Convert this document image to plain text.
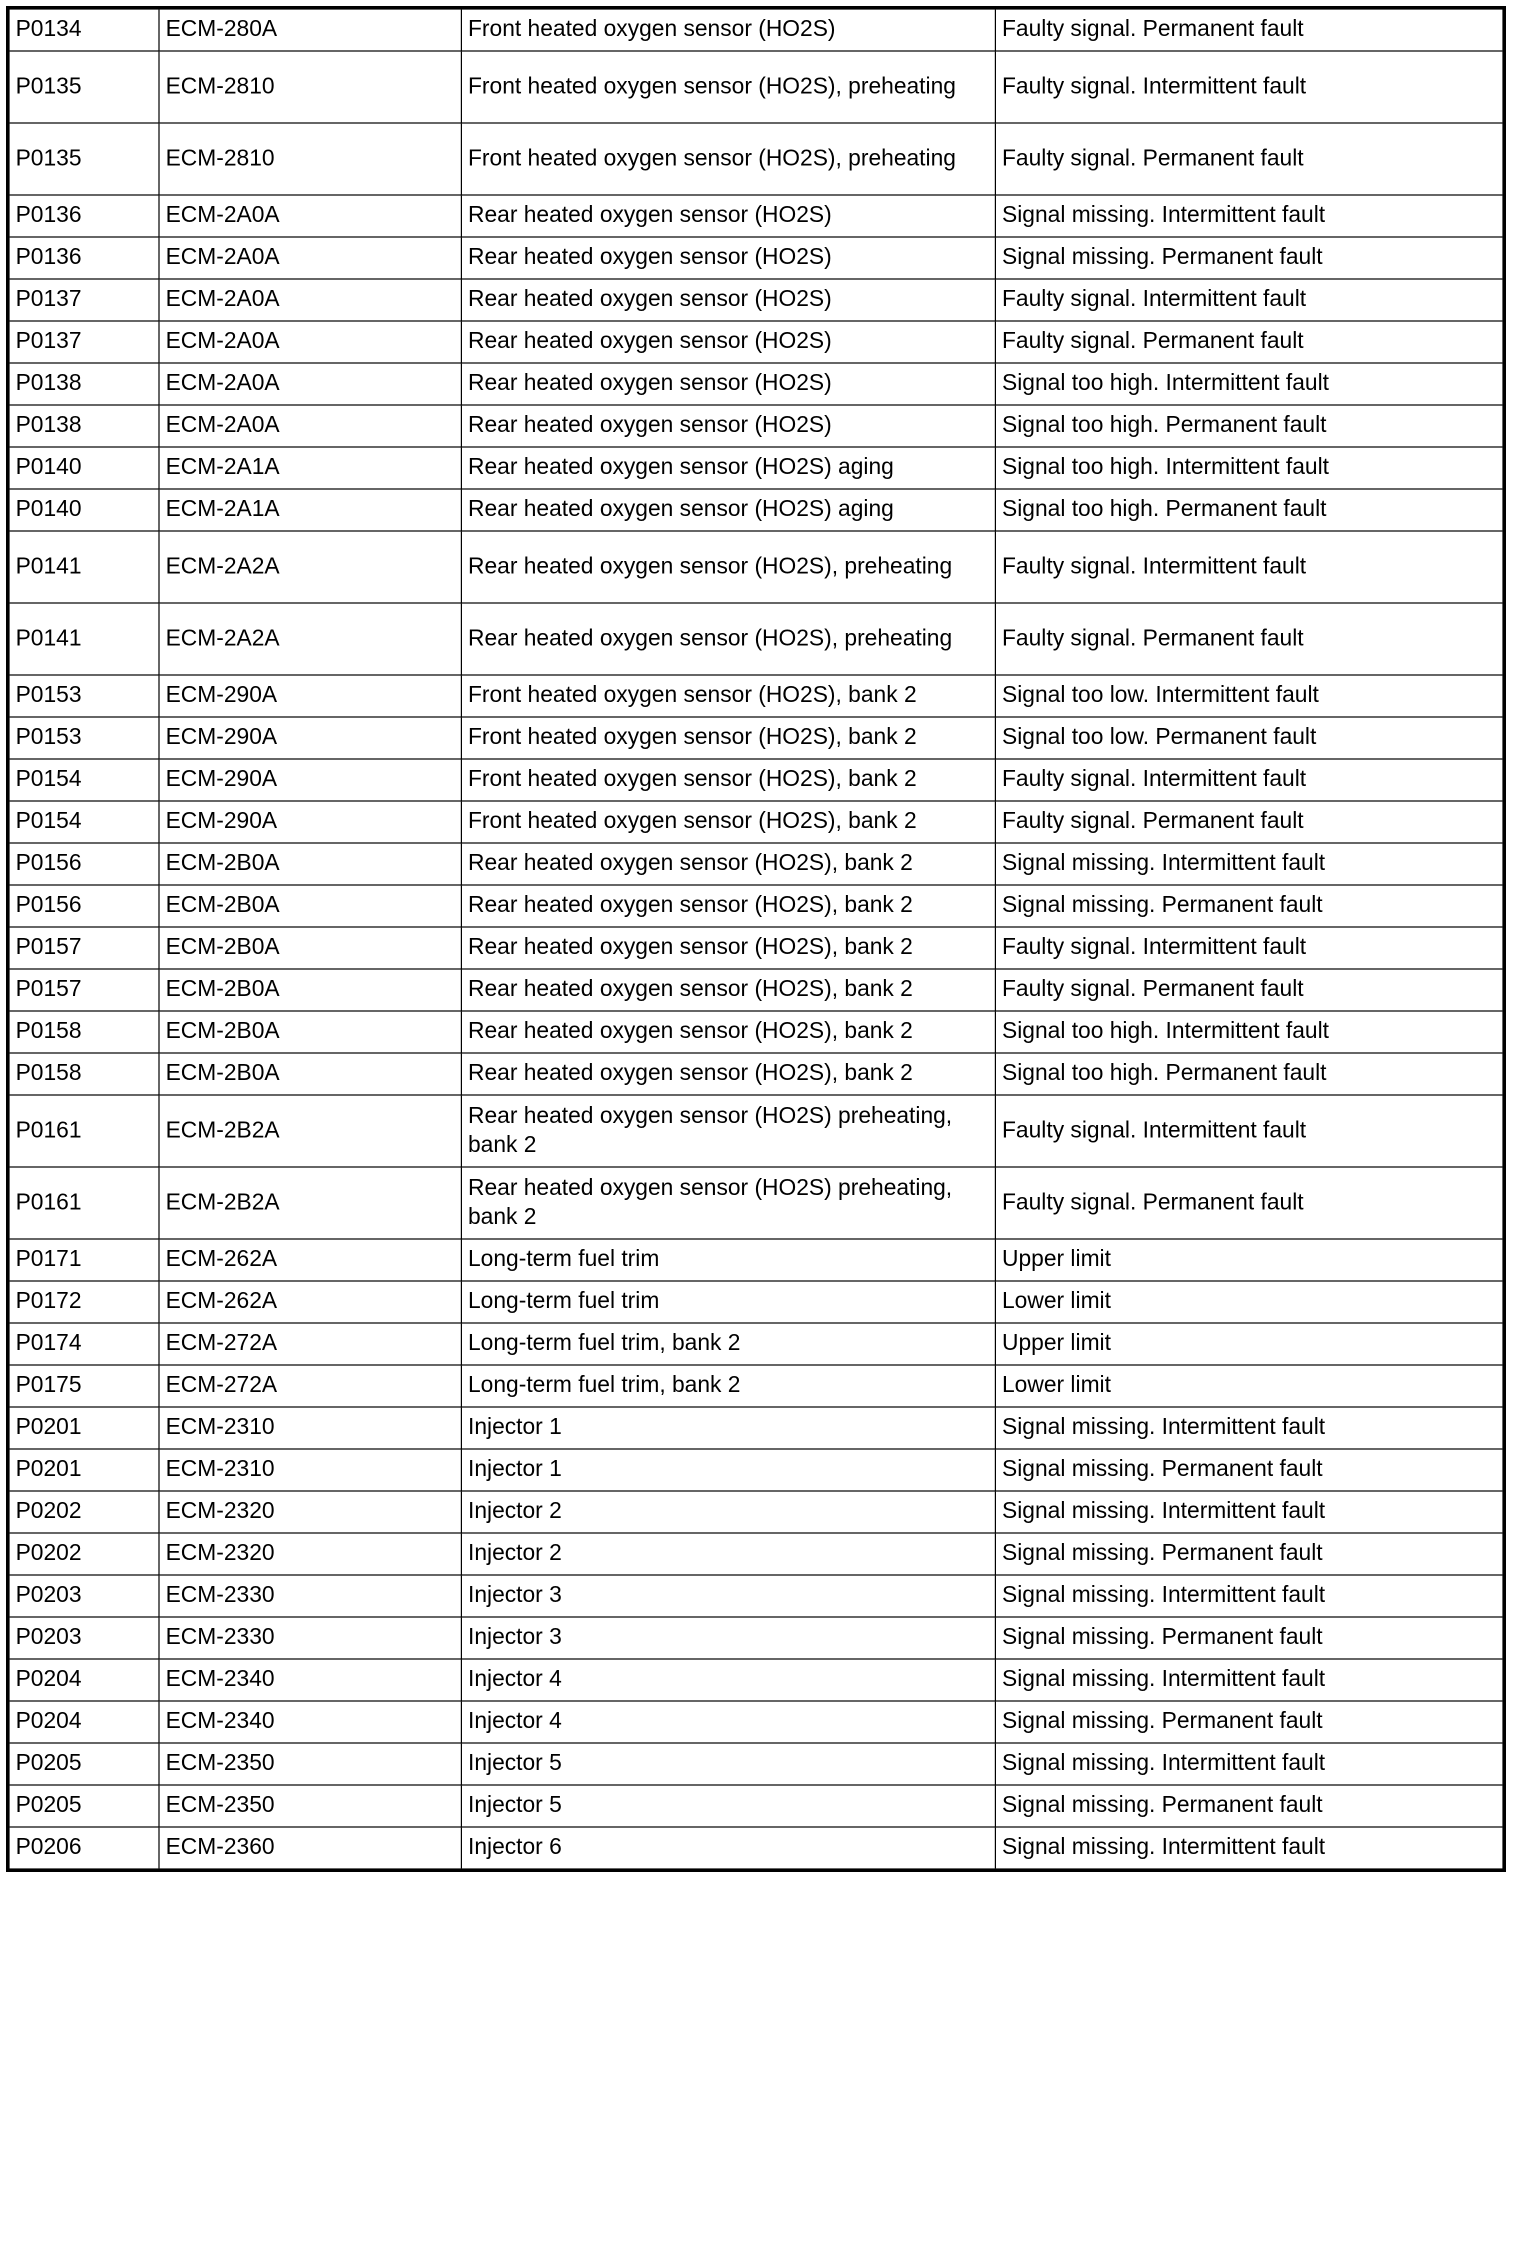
P0134	ECM-280A	Front heated oxygen sensor (HO2S)	Faulty signal. Permanent fault
P0135	ECM-2810	Front heated oxygen sensor (HO2S), preheating	Faulty signal. Intermittent fault
P0135	ECM-2810	Front heated oxygen sensor (HO2S), preheating	Faulty signal. Permanent fault
P0136	ECM-2A0A	Rear heated oxygen sensor (HO2S)	Signal missing. Intermittent fault
P0136	ECM-2A0A	Rear heated oxygen sensor (HO2S)	Signal missing. Permanent fault
P0137	ECM-2A0A	Rear heated oxygen sensor (HO2S)	Faulty signal. Intermittent fault
P0137	ECM-2A0A	Rear heated oxygen sensor (HO2S)	Faulty signal. Permanent fault
P0138	ECM-2A0A	Rear heated oxygen sensor (HO2S)	Signal too high. Intermittent fault
P0138	ECM-2A0A	Rear heated oxygen sensor (HO2S)	Signal too high. Permanent fault
P0140	ECM-2A1A	Rear heated oxygen sensor (HO2S) aging	Signal too high. Intermittent fault
P0140	ECM-2A1A	Rear heated oxygen sensor (HO2S) aging	Signal too high. Permanent fault
P0141	ECM-2A2A	Rear heated oxygen sensor (HO2S), preheating	Faulty signal. Intermittent fault
P0141	ECM-2A2A	Rear heated oxygen sensor (HO2S), preheating	Faulty signal. Permanent fault
P0153	ECM-290A	Front heated oxygen sensor (HO2S), bank 2	Signal too low. Intermittent fault
P0153	ECM-290A	Front heated oxygen sensor (HO2S), bank 2	Signal too low. Permanent fault
P0154	ECM-290A	Front heated oxygen sensor (HO2S), bank 2	Faulty signal. Intermittent fault
P0154	ECM-290A	Front heated oxygen sensor (HO2S), bank 2	Faulty signal. Permanent fault
P0156	ECM-2B0A	Rear heated oxygen sensor (HO2S), bank 2	Signal missing. Intermittent fault
P0156	ECM-2B0A	Rear heated oxygen sensor (HO2S), bank 2	Signal missing. Permanent fault
P0157	ECM-2B0A	Rear heated oxygen sensor (HO2S), bank 2	Faulty signal. Intermittent fault
P0157	ECM-2B0A	Rear heated oxygen sensor (HO2S), bank 2	Faulty signal. Permanent fault
P0158	ECM-2B0A	Rear heated oxygen sensor (HO2S), bank 2	Signal too high. Intermittent fault
P0158	ECM-2B0A	Rear heated oxygen sensor (HO2S), bank 2	Signal too high. Permanent fault
P0161	ECM-2B2A	Rear heated oxygen sensor (HO2S) preheating, bank 2	Faulty signal. Intermittent fault
P0161	ECM-2B2A	Rear heated oxygen sensor (HO2S) preheating, bank 2	Faulty signal. Permanent fault
P0171	ECM-262A	Long-term fuel trim	Upper limit
P0172	ECM-262A	Long-term fuel trim	Lower limit
P0174	ECM-272A	Long-term fuel trim, bank 2	Upper limit
P0175	ECM-272A	Long-term fuel trim, bank 2	Lower limit
P0201	ECM-2310	Injector 1	Signal missing. Intermittent fault
P0201	ECM-2310	Injector 1	Signal missing. Permanent fault
P0202	ECM-2320	Injector 2	Signal missing. Intermittent fault
P0202	ECM-2320	Injector 2	Signal missing. Permanent fault
P0203	ECM-2330	Injector 3	Signal missing. Intermittent fault
P0203	ECM-2330	Injector 3	Signal missing. Permanent fault
P0204	ECM-2340	Injector 4	Signal missing. Intermittent fault
P0204	ECM-2340	Injector 4	Signal missing. Permanent fault
P0205	ECM-2350	Injector 5	Signal missing. Intermittent fault
P0205	ECM-2350	Injector 5	Signal missing. Permanent fault
P0206	ECM-2360	Injector 6	Signal missing. Intermittent fault
